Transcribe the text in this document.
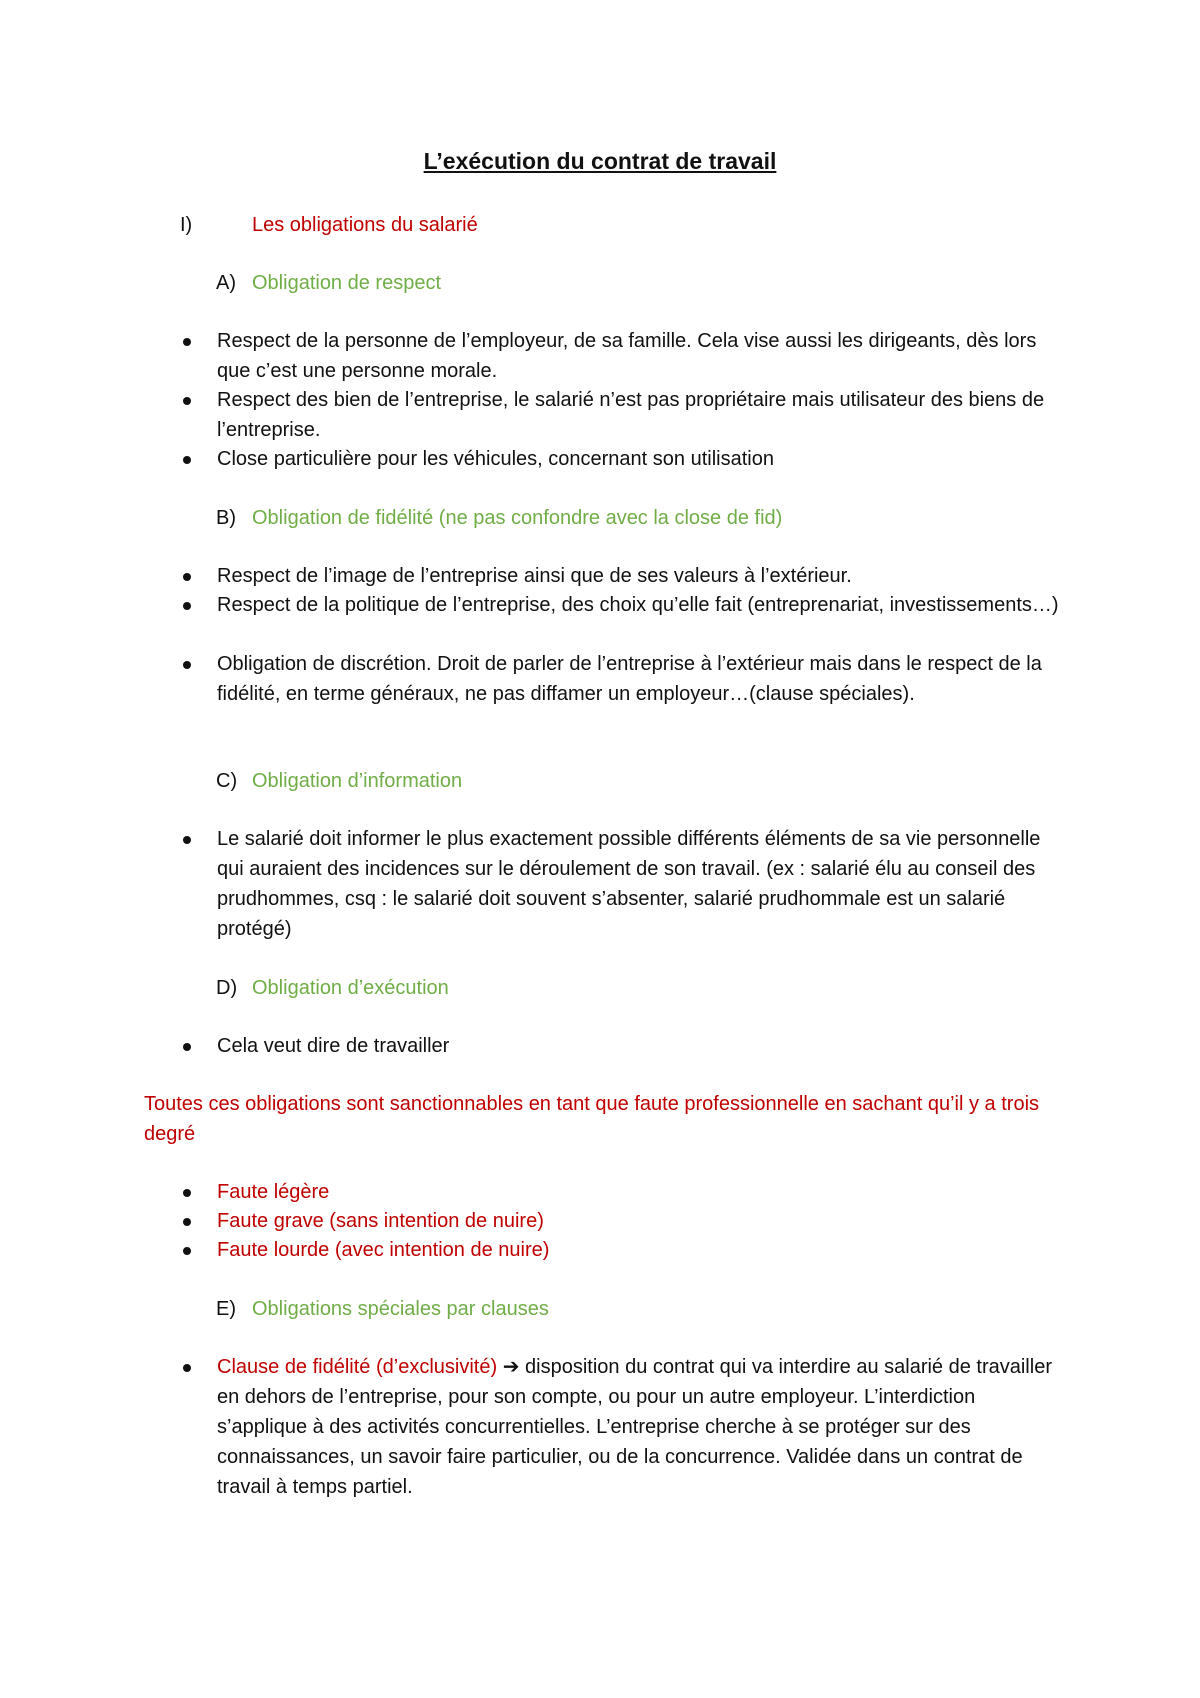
L’exécution du contrat de travail
I)	Les obligations du salarié
A) Obligation de respect
Respect de la personne de l’employeur, de sa famille. Cela vise aussi les dirigeants, dès lors que c’est une personne morale.
Respect des bien de l’entreprise, le salarié n’est pas propriétaire mais utilisateur des biens de l’entreprise.
Close particulière pour les véhicules, concernant son utilisation
B) Obligation de fidélité (ne pas confondre avec la close de fid)
Respect de l’image de l’entreprise ainsi que de ses valeurs à l’extérieur.
Respect de la politique de l’entreprise, des choix qu’elle fait (entreprenariat, investissements…)
Obligation de discrétion. Droit de parler de l’entreprise à l’extérieur mais dans le respect de la fidélité, en terme généraux, ne pas diffamer un employeur…(clause spéciales).
C) Obligation d’information
Le salarié doit informer le plus exactement possible différents éléments de sa vie personnelle qui auraient des incidences sur le déroulement de son travail. (ex : salarié élu au conseil des prudhommes, csq : le salarié doit souvent s’absenter, salarié prudhommale est un salarié protégé)
D) Obligation d’exécution
Cela veut dire de travailler
Toutes ces obligations sont sanctionnables en tant que faute professionnelle en sachant qu’il y a trois degré
Faute légère
Faute grave (sans intention de nuire)
Faute lourde (avec intention de nuire)
E) Obligations spéciales par clauses
Clause de fidélité (d’exclusivité) ➔ disposition du contrat qui va interdire au salarié de travailler en dehors de l’entreprise, pour son compte, ou pour un autre employeur. L’interdiction s’applique à des activités concurrentielles. L’entreprise cherche à se protéger sur des connaissances, un savoir faire particulier, ou de la concurrence. Validée dans un contrat de travail à temps partiel.
